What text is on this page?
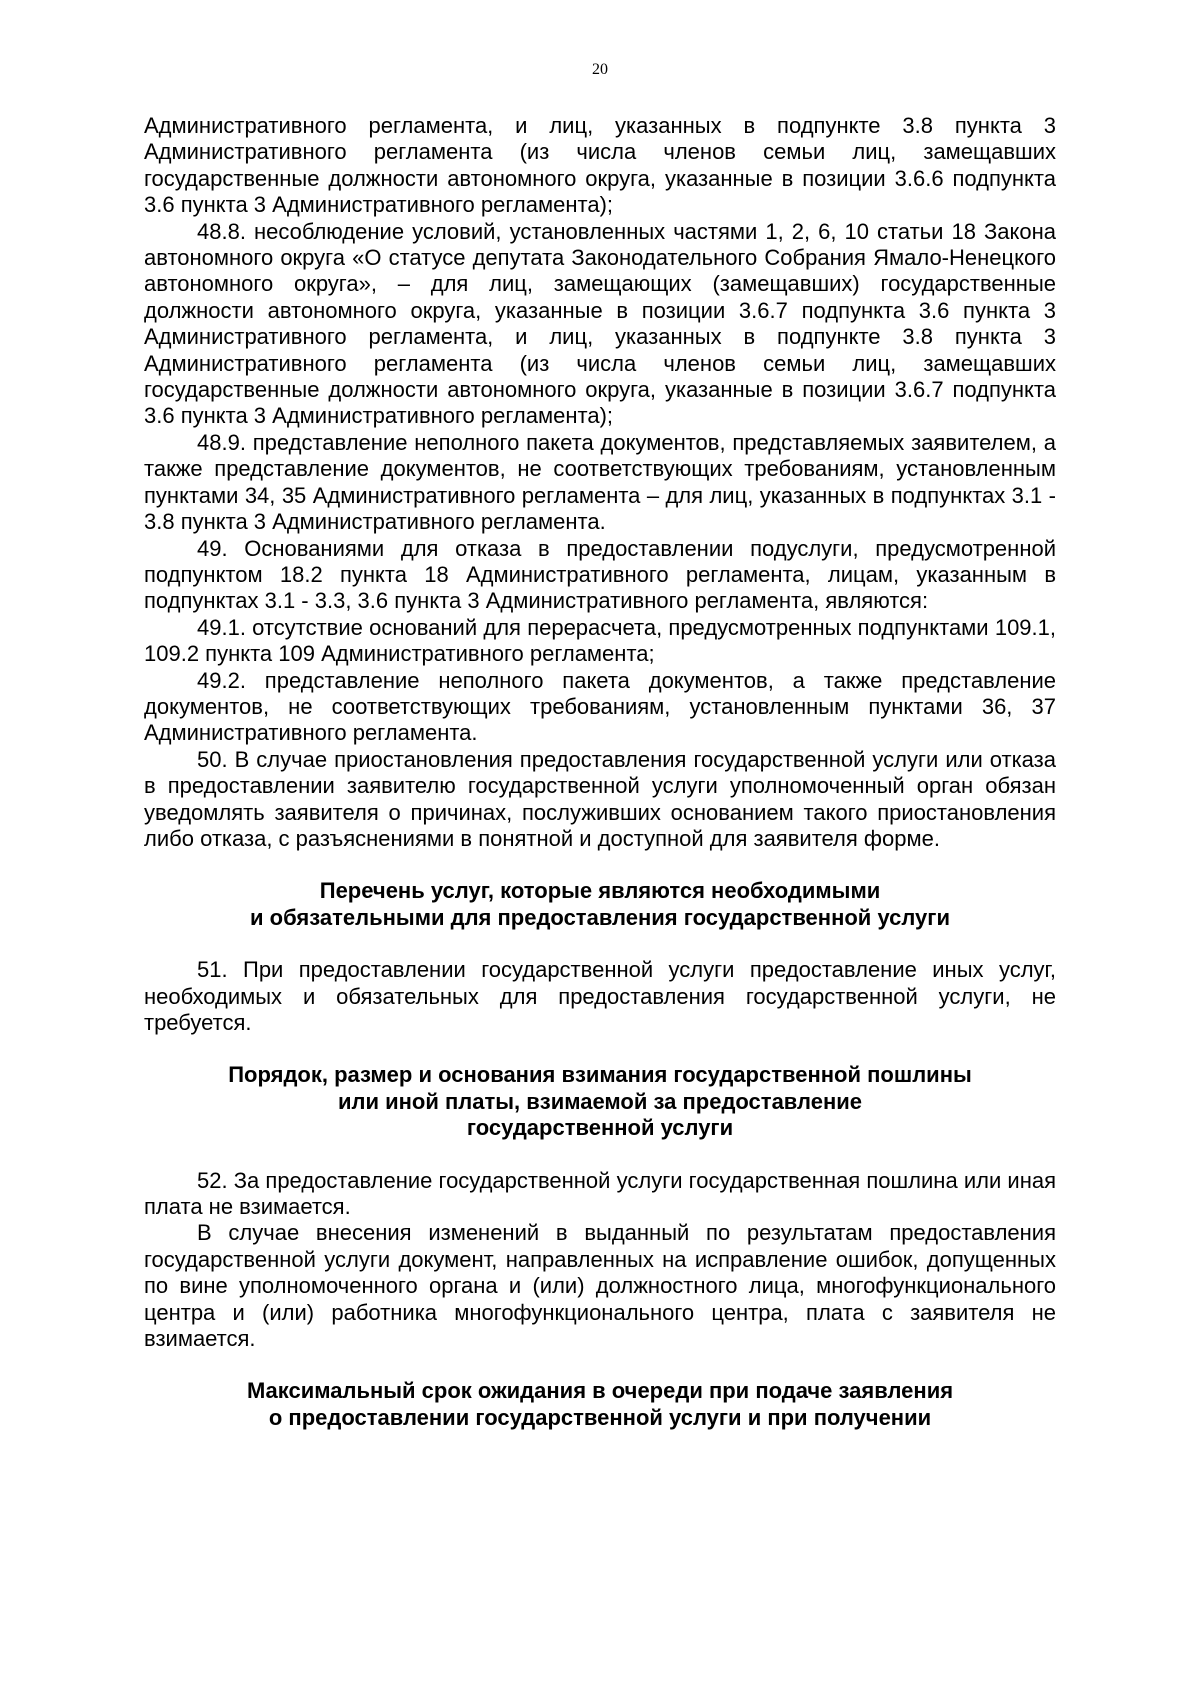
20

Административного регламента, и лиц, указанных в подпункте 3.8 пункта 3 Административного регламента (из числа членов семьи лиц, замещавших государственные должности автономного округа, указанные в позиции 3.6.6 подпункта 3.6 пункта 3 Административного регламента);

48.8. несоблюдение условий, установленных частями 1, 2, 6, 10 статьи 18 Закона автономного округа «О статусе депутата Законодательного Собрания Ямало-Ненецкого автономного округа», – для лиц, замещающих (замещавших) государственные должности автономного округа, указанные в позиции 3.6.7 подпункта 3.6 пункта 3 Административного регламента, и лиц, указанных в подпункте 3.8 пункта 3 Административного регламента (из числа членов семьи лиц, замещавших государственные должности автономного округа, указанные в позиции 3.6.7 подпункта 3.6 пункта 3 Административного регламента);

48.9. представление неполного пакета документов, представляемых заявителем, а также представление документов, не соответствующих требованиям, установленным пунктами 34, 35 Административного регламента – для лиц, указанных в подпунктах 3.1 - 3.8 пункта 3 Административного регламента.

49. Основаниями для отказа в предоставлении подуслуги, предусмотренной подпунктом 18.2 пункта 18 Административного регламента, лицам, указанным в подпунктах 3.1 - 3.3, 3.6 пункта 3 Административного регламента, являются:

49.1. отсутствие оснований для перерасчета, предусмотренных подпунктами 109.1, 109.2 пункта 109 Административного регламента;

49.2. представление неполного пакета документов, а также представление документов, не соответствующих требованиям, установленным пунктами 36, 37 Административного регламента.

50. В случае приостановления предоставления государственной услуги или отказа в предоставлении заявителю государственной услуги уполномоченный орган обязан уведомлять заявителя о причинах, послуживших основанием такого приостановления либо отказа, с разъяснениями в понятной и доступной для заявителя форме.

Перечень услуг, которые являются необходимыми
и обязательными для предоставления государственной услуги

51. При предоставлении государственной услуги предоставление иных услуг, необходимых и обязательных для предоставления государственной услуги, не требуется.

Порядок, размер и основания взимания государственной пошлины
или иной платы, взимаемой за предоставление
государственной услуги

52. За предоставление государственной услуги государственная пошлина или иная плата не взимается.

В случае внесения изменений в выданный по результатам предоставления государственной услуги документ, направленных на исправление ошибок, допущенных по вине уполномоченного органа и (или) должностного лица, многофункционального центра и (или) работника многофункционального центра, плата с заявителя не взимается.

Максимальный срок ожидания в очереди при подаче заявления
о предоставлении государственной услуги и при получении
